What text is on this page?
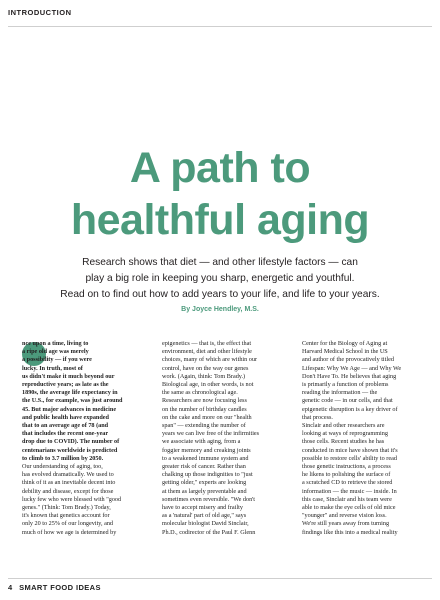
INTRODUCTION
A path to
healthful aging
Research shows that diet — and other lifestyle factors — can
play a big role in keeping you sharp, energetic and youthful.
Read on to find out how to add years to your life, and life to your years.
By Joyce Hendley, M.S.
nce upon a time, living to
a ripe old age was merely
a possibility — if you were
lucky. In truth, most of
us didn't make it much beyond our
reproductive years; as late as the
1890s, the average life expectancy in
the U.S., for example, was just around
45. But major advances in medicine
and public health have expanded
that to an average age of 78 (and
that includes the recent one-year
drop due to COVID). The number of
centenarians worldwide is predicted
to climb to 3.7 million by 2050.
Our understanding of aging, too,
has evolved dramatically. We used to
think of it as an inevitable decent into
debility and disease, except for those
lucky few who were blessed with "good
genes." (Think: Tom Brady.) Today,
it's known that genetics account for
only 20 to 25% of our longevity, and
much of how we age is determined by
epigenetics — that is, the effect that
environment, diet and other lifestyle
choices, many of which are within our
control, have on the way our genes
work. (Again, think: Tom Brady.)
Biological age, in other words, is not
the same as chronological age.
Researchers are now focusing less
on the number of birthday candles
on the cake and more on our "health
span" — extending the number of
years we can live free of the infirmities
we associate with aging, from a
foggier memory and creaking joints
to a weakened immune system and
greater risk of cancer. Rather than
chalking up those indignities to "just
getting older," experts are looking
at them as largely preventable and
sometimes even reversible. "We don't
have to accept misery and frailty
as a 'natural' part of old age," says
molecular biologist David Sinclair,
Ph.D., codirector of the Paul F. Glenn
Center for the Biology of Aging at
Harvard Medical School in the US
and author of the provocatively titled
Lifespan: Why We Age — and Why We
Don't Have To. He believes that aging
is primarily a function of problems
reading the information — the
genetic code — in our cells, and that
epigenetic disruption is a key driver of
that process.
Sinclair and other researchers are
looking at ways of reprogramming
those cells. Recent studies he has
conducted in mice have shown that it's
possible to restore cells' ability to read
those genetic instructions, a process
he likens to polishing the surface of
a scratched CD to retrieve the stored
information — the music — inside. In
this case, Sinclair and his team were
able to make the eye cells of old mice
"younger" and reverse vision loss.
We're still years away from turning
findings like this into a medical reality
4 SMART FOOD IDEAS
